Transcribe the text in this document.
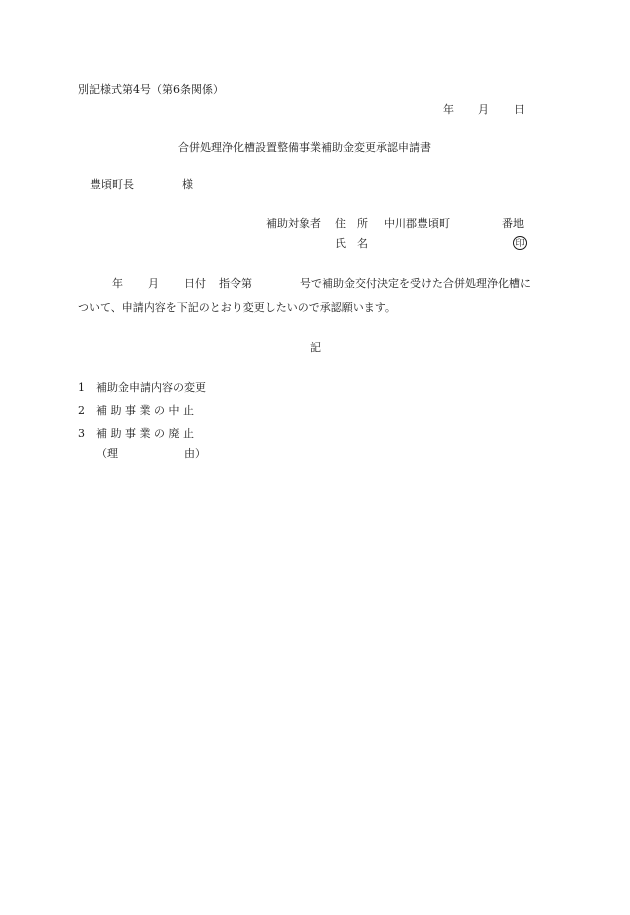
別記様式第4号（第6条関係）
年 月 日
合併処理浄化槽設置整備事業補助金変更承認申請書
豊頃町長	様
補助対象者 住　所 中川郡豊頃町	番地
氏　名	印
年 月 日付 指令第	号で補助金交付決定を受けた合併処理浄化槽に
ついて、申請内容を下記のとおり変更したいので承認願います。
記
1 補助金申請内容の変更
2 補 助 事 業 の 中 止
3 補 助 事 業 の 廃 止
（理	由）
